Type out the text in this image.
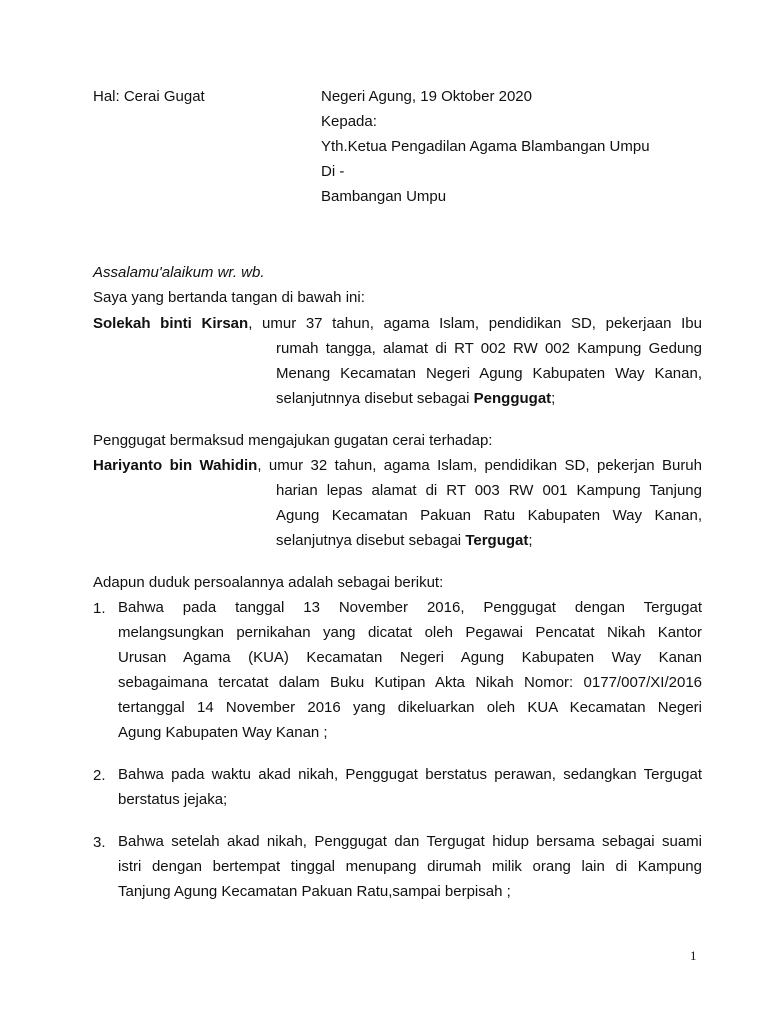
Hal: Cerai Gugat	Negeri Agung, 19 Oktober 2020
Kepada:
Yth.Ketua Pengadilan Agama Blambangan Umpu
Di -
Bambangan Umpu
Assalamu'alaikum wr. wb.
Saya yang bertanda tangan di bawah ini:
Solekah binti Kirsan, umur 37 tahun, agama Islam, pendidikan SD, pekerjaan Ibu
rumah tangga, alamat di RT 002 RW 002 Kampung Gedung
Menang Kecamatan Negeri Agung Kabupaten Way Kanan,
selanjutnnya disebut sebagai Penggugat;
Penggugat bermaksud mengajukan gugatan cerai terhadap:
Hariyanto bin Wahidin, umur 32 tahun, agama Islam, pendidikan SD, pekerjan Buruh
harian lepas alamat di RT 003 RW 001 Kampung Tanjung
Agung Kecamatan Pakuan Ratu Kabupaten Way Kanan,
selanjutnya disebut sebagai Tergugat;
Adapun duduk persoalannya adalah sebagai berikut:
1. Bahwa pada tanggal 13 November 2016, Penggugat dengan Tergugat
melangsungkan pernikahan yang dicatat oleh Pegawai Pencatat Nikah Kantor
Urusan Agama (KUA) Kecamatan Negeri Agung Kabupaten Way Kanan
sebagaimana tercatat dalam Buku Kutipan Akta Nikah Nomor: 0177/007/XI/2016
tertanggal 14 November 2016 yang dikeluarkan oleh KUA Kecamatan Negeri
Agung Kabupaten Way Kanan ;
2. Bahwa pada waktu akad nikah, Penggugat berstatus perawan, sedangkan Tergugat
berstatus jejaka;
3. Bahwa setelah akad nikah, Penggugat dan Tergugat hidup bersama sebagai suami
istri dengan bertempat tinggal menupang dirumah milik orang lain di Kampung
Tanjung Agung Kecamatan Pakuan Ratu,sampai berpisah ;
1
